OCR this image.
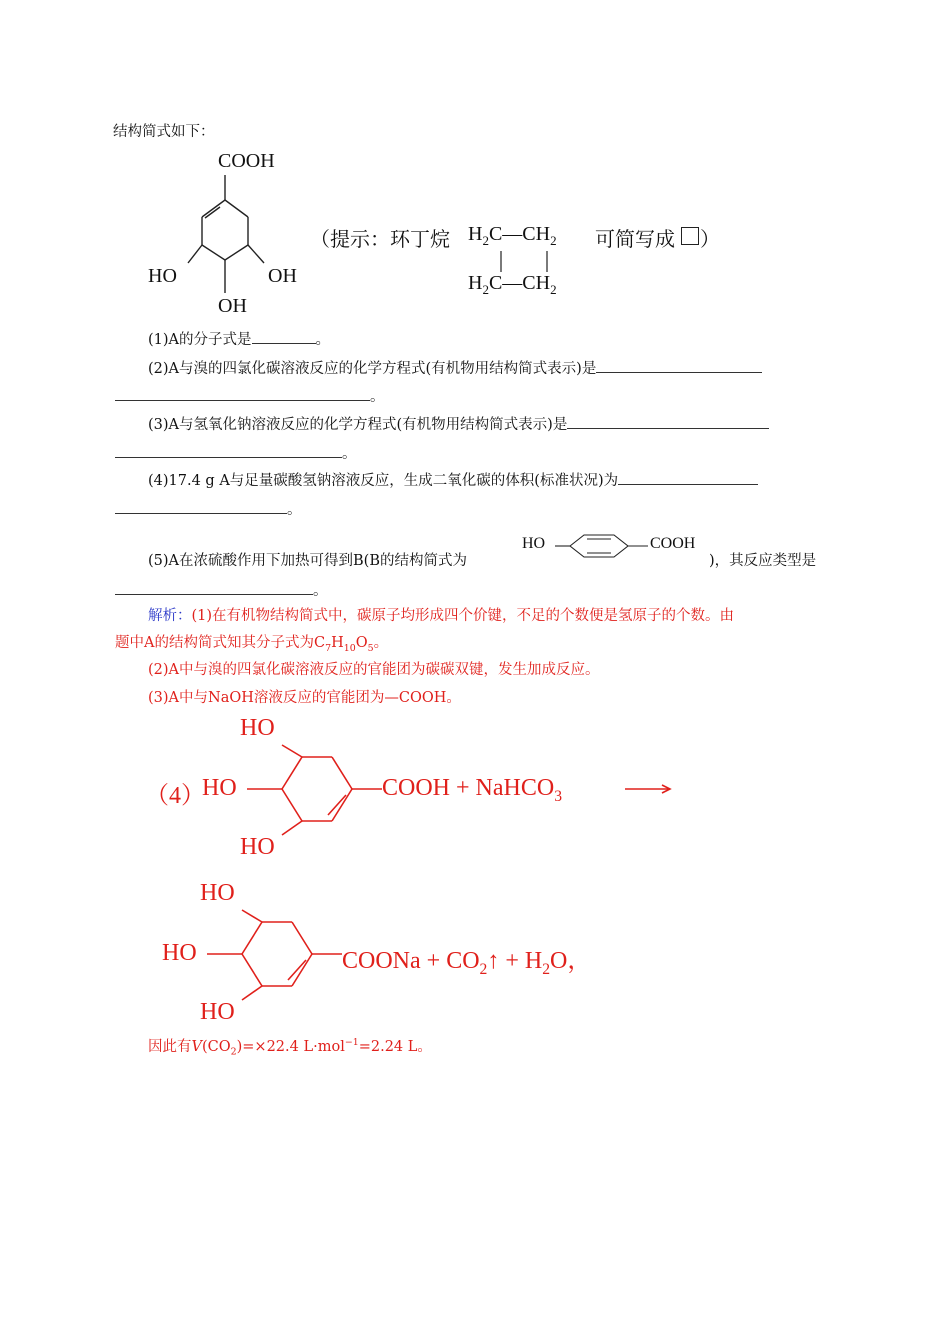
结构简式如下：
COOH
HO	OH
OH
（提示：环丁烷 $H_2C—CH_2$
$H_2C—CH_2$
可简写成 ）
(1)A的分子式是	。
(2)A与溴的四氯化碳溶液反应的化学方程式(有机物用结构简式表示)是
。
(3)A与氢氧化钠溶液反应的化学方程式(有机物用结构简式表示)是
。
(4)17.4 g A与足量碳酸氢钠溶液反应，生成二氧化碳的体积(标准状况)为
。
(5)A在浓硫酸作用下加热可得到B(B的结构简式为
HO	COOH
)，其反应类型是
。
解析：(1)在有机物结构简式中，碳原子均形成四个价键，不足的个数便是氢原子的个数。由
题中A的结构简式知其分子式为$C_7H_{10}O_5$。
(2)A中与溴的四氯化碳溶液反应的官能团为碳碳双键，发生加成反应。
(3)A中与NaOH溶液反应的官能团为—COOH。
HO
（4）
HO
HO
COOH + NaHCO$_3$
HO
HO
HO
COONa + $CO_2↑ + H_2O$，
因此有$V(CO_2)=\times 22.4$ L·mol$^{-1}$=2.24 L。
